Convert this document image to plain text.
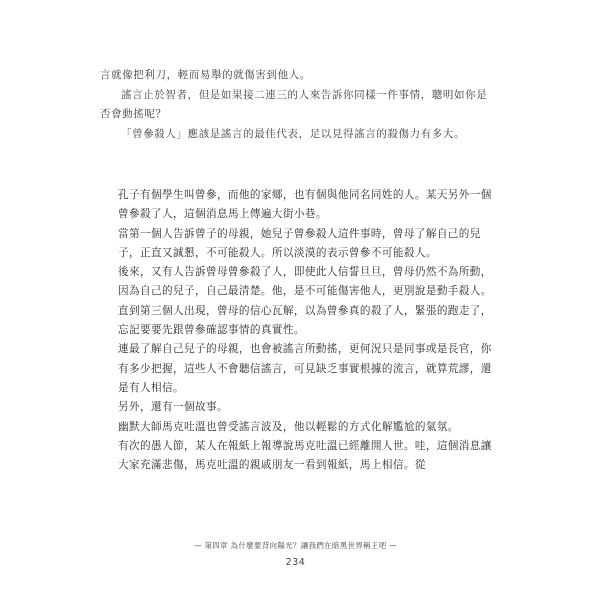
言就像把利刀，輕而易舉的就傷害到他人。

謠言止於智者，但是如果接二連三的人來告訴你同樣一件事情，聰明如你是否會動搖呢？

「曾參殺人」應該是謠言的最佳代表，足以見得謠言的殺傷力有多大。

孔子有個學生叫曾參，而他的家鄉，也有個與他同名同姓的人。某天另外一個曾參殺了人，這個消息馬上傳遍大街小巷。

當第一個人告訴曾子的母親，她兒子曾參殺人這件事時，曾母了解自己的兒子，正直又誠懇，不可能殺人。所以淡漠的表示曾參不可能殺人。

後來，又有人告訴曾母曾參殺了人，即使此人信誓旦旦，曾母仍然不為所動，因為自己的兒子，自己最清楚。他，是不可能傷害他人，更別說是動手殺人。

直到第三個人出現，曾母的信心瓦解，以為曾參真的殺了人，緊張的跑走了，忘記要要先跟曾參確認事情的真實性。

連最了解自己兒子的母親，也會被謠言所動搖，更何況只是同事或是長官，你有多少把握，這些人不會聽信謠言，可見缺乏事實根據的流言，就算荒謬，還是有人相信。

另外，還有一個故事。

幽默大師馬克吐溫也曾受謠言波及，他以輕鬆的方式化解尷尬的氣氛。

有次的愚人節，某人在報紙上報導說馬克吐溫已經離開人世。哇，這個消息讓大家充滿悲傷，馬克吐溫的親戚朋友一看到報紙，馬上相信。從

— 第四章 為什麼要背向陽光？讓我們在暗黑世界稱王吧 —
234
